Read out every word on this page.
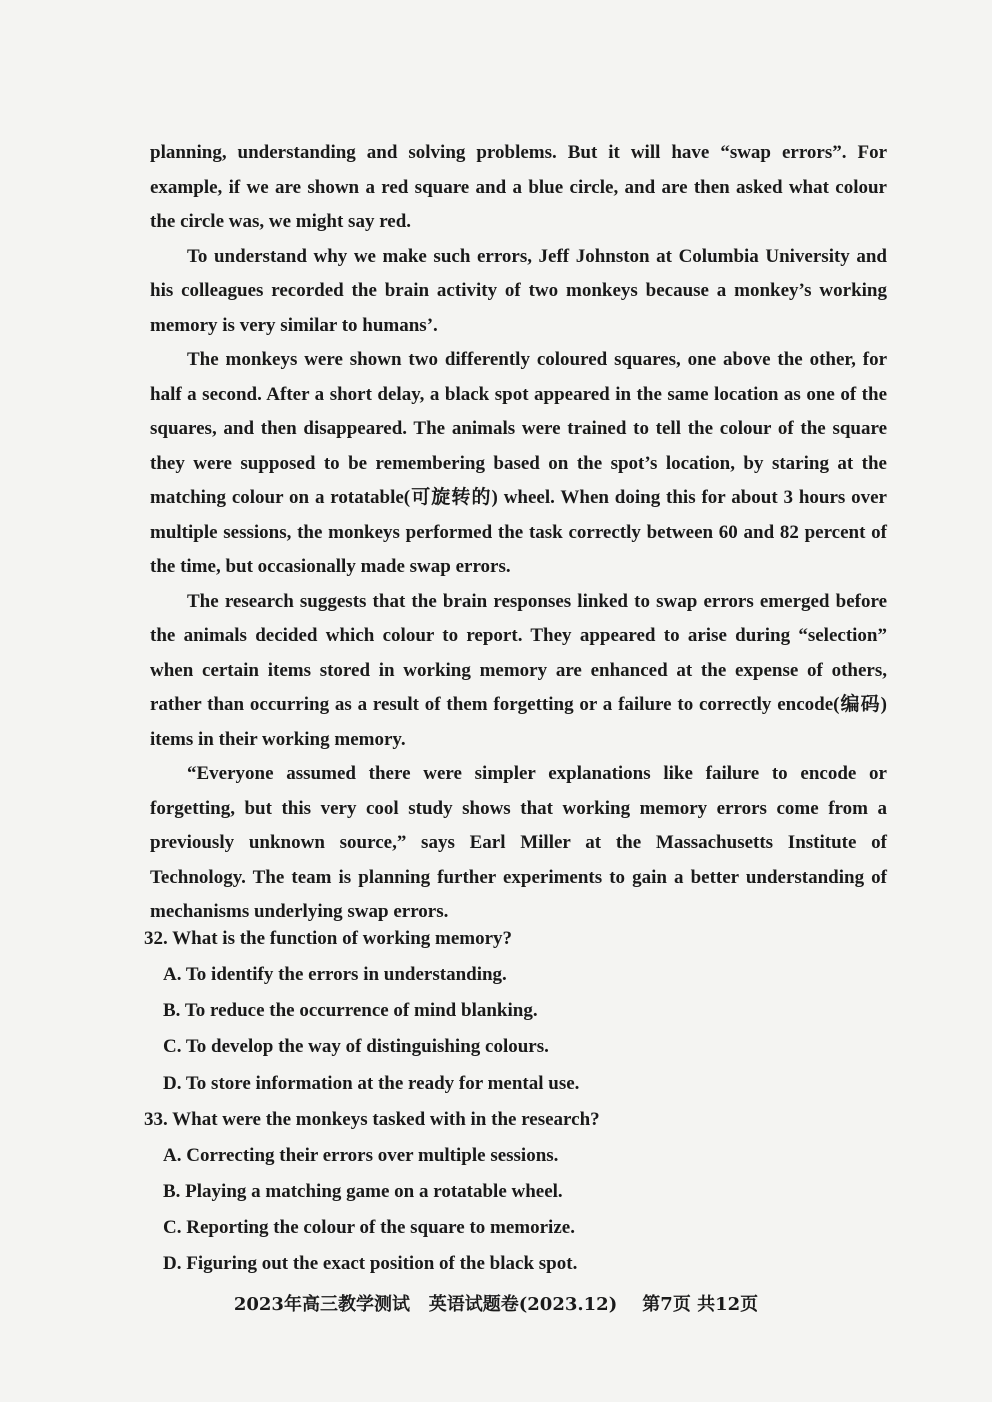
planning, understanding and solving problems. But it will have “swap errors”. For example, if we are shown a red square and a blue circle, and are then asked what colour the circle was, we might say red.

To understand why we make such errors, Jeff Johnston at Columbia University and his colleagues recorded the brain activity of two monkeys because a monkey’s working memory is very similar to humans’.

The monkeys were shown two differently coloured squares, one above the other, for half a second. After a short delay, a black spot appeared in the same location as one of the squares, and then disappeared. The animals were trained to tell the colour of the square they were supposed to be remembering based on the spot’s location, by staring at the matching colour on a rotatable(可旋转的) wheel. When doing this for about 3 hours over multiple sessions, the monkeys performed the task correctly between 60 and 82 percent of the time, but occasionally made swap errors.

The research suggests that the brain responses linked to swap errors emerged before the animals decided which colour to report. They appeared to arise during “selection” when certain items stored in working memory are enhanced at the expense of others, rather than occurring as a result of them forgetting or a failure to correctly encode(编码) items in their working memory.

“Everyone assumed there were simpler explanations like failure to encode or forgetting, but this very cool study shows that working memory errors come from a previously unknown source,” says Earl Miller at the Massachusetts Institute of Technology. The team is planning further experiments to gain a better understanding of mechanisms underlying swap errors.

32. What is the function of working memory?
A. To identify the errors in understanding.
B. To reduce the occurrence of mind blanking.
C. To develop the way of distinguishing colours.
D. To store information at the ready for mental use.
33. What were the monkeys tasked with in the research?
A. Correcting their errors over multiple sessions.
B. Playing a matching game on a rotatable wheel.
C. Reporting the colour of the square to memorize.
D. Figuring out the exact position of the black spot.
2023年高三教学测试 英语试题卷(2023.12) 第7页 共12页
